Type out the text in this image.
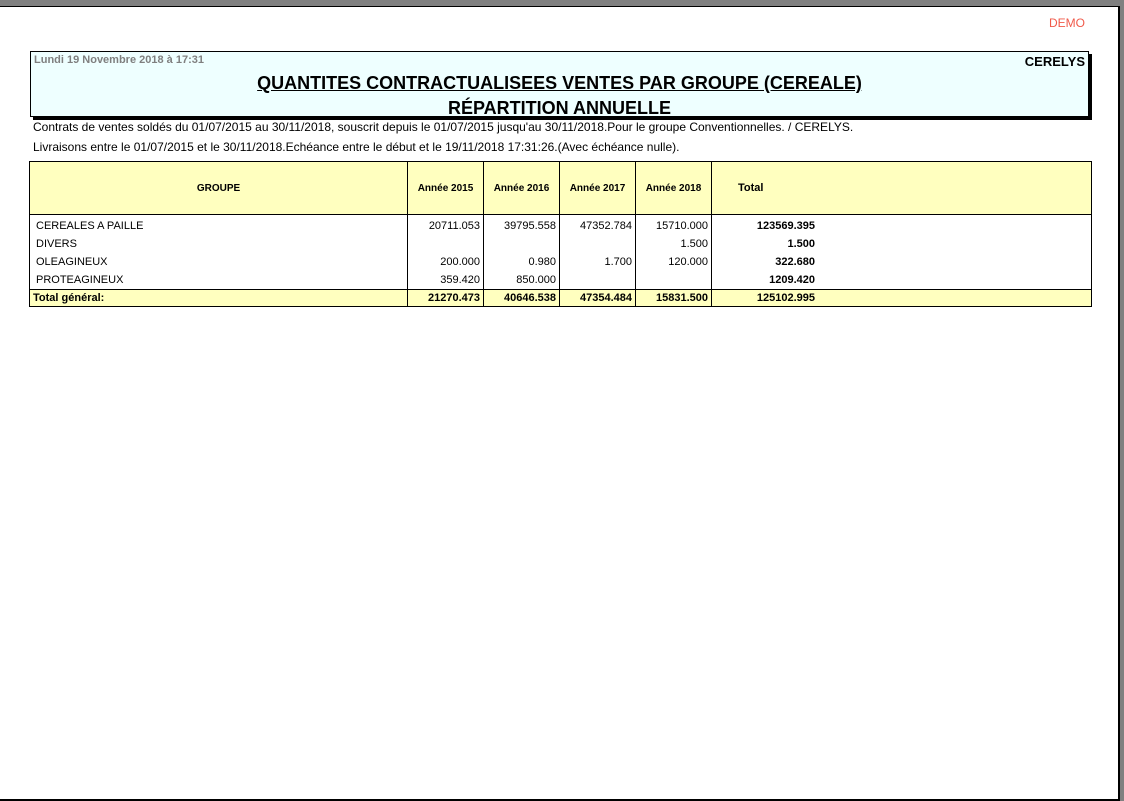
DEMO
Lundi 19 Novembre 2018 à 17:31	CERELYS
QUANTITES CONTRACTUALISEES VENTES PAR GROUPE (CEREALE)
RÉPARTITION ANNUELLE
Contrats de ventes soldés du 01/07/2015 au 30/11/2018, souscrit depuis le 01/07/2015 jusqu'au 30/11/2018.Pour le groupe Conventionnelles. / CERELYS.
Livraisons entre le 01/07/2015 et le 30/11/2018.Echéance entre le début et le 19/11/2018 17:31:26.(Avec échéance nulle).
GROUPE	Année 2015	Année 2016	Année 2017	Année 2018	Total	
CEREALES A PAILLE	20711.053	39795.558	47352.784	15710.000	123569.395	
DIVERS				1.500	1.500	
OLEAGINEUX	200.000	0.980	1.700	120.000	322.680	
PROTEAGINEUX	359.420	850.000			1209.420	
Total général:	21270.473	40646.538	47354.484	15831.500	125102.995	
